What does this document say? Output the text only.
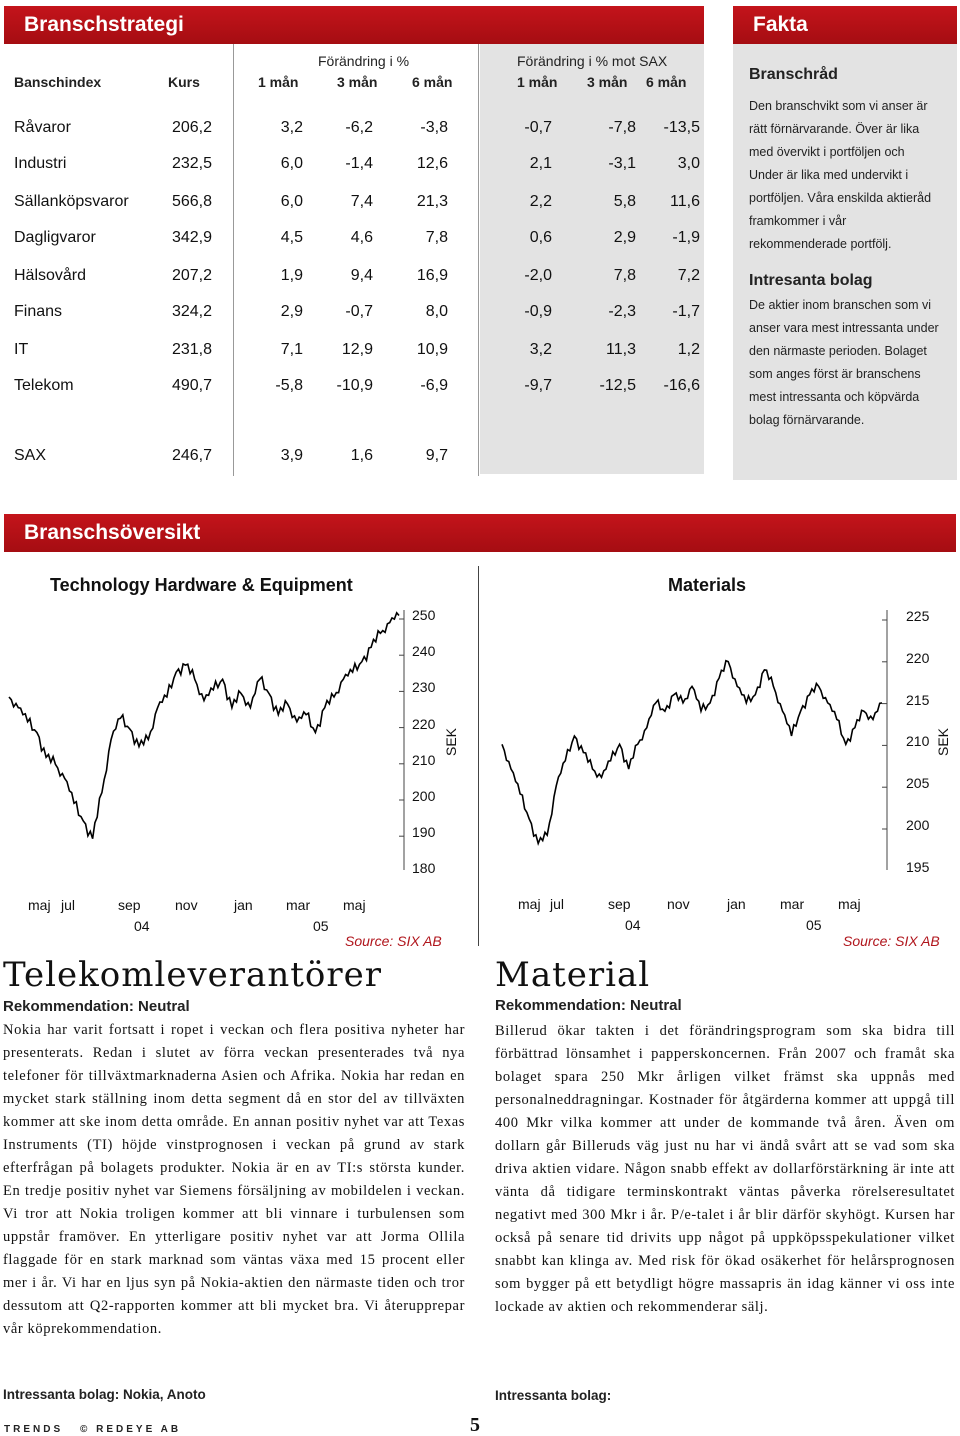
Branschstrategi
Förändring i %	Förändring i % mot SAX
Banschindex	Kurs	1 mån	3 mån 6 mån	1 mån 3 mån 6 mån
Råvaror	206,2	3,2	-6,2	-3,8	-0,7	-7,8	-13,5
Industri	232,5	6,0	-1,4	12,6	2,1	-3,1	3,0
Sällanköpsvaror	566,8	6,0	7,4	21,3	2,2	5,8	11,6
Dagligvaror	342,9	4,5	4,6	7,8	0,6	2,9	-1,9
Hälsovård	207,2	1,9	9,4	16,9	-2,0	7,8	7,2
Finans	324,2	2,9	-0,7	8,0	-0,9	-2,3	-1,7
IT	231,8	7,1	12,9	10,9	3,2	11,3	1,2
Telekom	490,7	-5,8	-10,9	-6,9	-9,7	-12,5	-16,6
SAX	246,7	3,9	1,6	9,7
Fakta
Branschråd
Den branschvikt som vi anser är rätt förnärvarande. Över är lika med övervikt i portföljen och Under är lika med undervikt i portföljen. Våra enskilda aktieråd framkommer i vår rekommenderade portfölj.
Intresanta bolag
De aktier inom branschen som vi anser vara mest intressanta under den närmaste perioden. Bolaget som anges först är branschens mest intressanta och köpvärda bolag förnärvarande.
Branschsöversikt
Technology Hardware & Equipment
250
240
230
220
210
200
190
180
SEK
maj jul	sep nov	jan mar maj
04	05
Source: SIX AB
Materials
225
220
215
210
205
200
195
SEK
maj jul	sep	nov	jan mar maj
04	05
Source: SIX AB
Telekomleverantörer
Rekommendation: Neutral
Nokia har varit fortsatt i ropet i veckan och flera positiva nyheter har presenterats. Redan i slutet av förra veckan presenterades två nya telefoner för tillväxtmarknaderna Asien och Afrika. Nokia har redan en mycket stark ställning inom detta segment då en stor del av tillväxten kommer att ske inom detta område. En annan positiv nyhet var att Texas Instruments (TI) höjde vinstprognosen i veckan på grund av stark efterfrågan på bolagets produkter. Nokia är en av TI:s största kunder. En tredje positiv nyhet var Siemens försäljning av mobildelen i veckan. Vi tror att Nokia troligen kommer att bli vinnare i turbulensen som uppstår framöver. En ytterligare positiv nyhet var att Jorma Ollila flaggade för en stark marknad som väntas växa med 15 procent eller mer i år. Vi har en ljus syn på Nokia-aktien den närmaste tiden och tror dessutom att Q2-rapporten kommer att bli mycket bra. Vi återupprepar vår köprekommendation.
Intressanta bolag: Nokia, Anoto
Material
Rekommendation: Neutral
Billerud ökar takten i det förändringsprogram som ska bidra till förbättrad lönsamhet i papperskoncernen. Från 2007 och framåt ska bolaget spara 250 Mkr årligen vilket främst ska uppnås med personalneddragningar. Kostnader för åtgärderna kommer att uppgå till 400 Mkr vilka kommer att under de kommande två åren. Även om dollarn går Billeruds väg just nu har vi ändå svårt att se vad som ska driva aktien vidare. Någon snabb effekt av dollarförstärkning är inte att vänta då tidigare terminskontrakt väntas påverka rörelseresultatet negativt med 300 Mkr i år. P/e-talet i år blir därför skyhögt. Kursen har också på senare tid drivits upp något på uppköpsspekulationer vilket snabbt kan klinga av. Med risk för ökad osäkerhet för helårsprognosen som bygger på ett betydligt högre massapris än idag känner vi oss inte lockade av aktien och rekommenderar sälj.
Intressanta bolag:
TRENDS © REDEYE AB	5
